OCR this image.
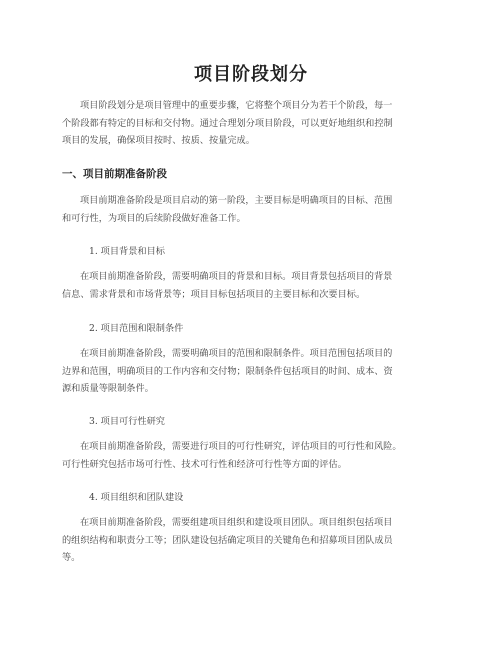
项目阶段划分
项目阶段划分是项目管理中的重要步骤，它将整个项目分为若干个阶段，每一
个阶段都有特定的目标和交付物。通过合理划分项目阶段，可以更好地组织和控制
项目的发展，确保项目按时、按质、按量完成。
一、项目前期准备阶段
项目前期准备阶段是项目启动的第一阶段，主要目标是明确项目的目标、范围
和可行性，为项目的后续阶段做好准备工作。
1. 项目背景和目标
在项目前期准备阶段，需要明确项目的背景和目标。项目背景包括项目的背景
信息、需求背景和市场背景等；项目目标包括项目的主要目标和次要目标。
2. 项目范围和限制条件
在项目前期准备阶段，需要明确项目的范围和限制条件。项目范围包括项目的
边界和范围，明确项目的工作内容和交付物；限制条件包括项目的时间、成本、资
源和质量等限制条件。
3. 项目可行性研究
在项目前期准备阶段，需要进行项目的可行性研究，评估项目的可行性和风险。
可行性研究包括市场可行性、技术可行性和经济可行性等方面的评估。
4. 项目组织和团队建设
在项目前期准备阶段，需要组建项目组织和建设项目团队。项目组织包括项目
的组织结构和职责分工等；团队建设包括确定项目的关键角色和招募项目团队成员
等。
